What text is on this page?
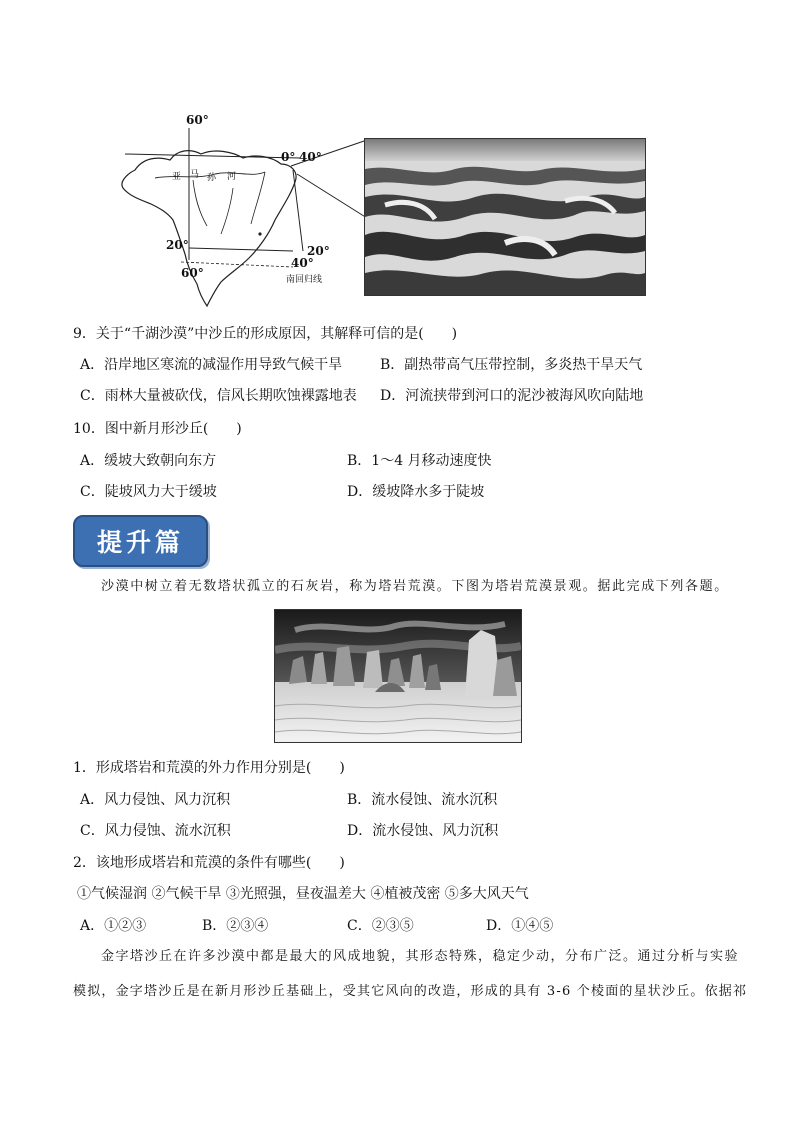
60°
0° 40°
亚 马 孙 河
20°	20°
60°
40°
南回归线
9．关于“千湖沙漠”中沙丘的形成原因，其解释可信的是(　　)
A．沿岸地区寒流的减湿作用导致气候干旱	B．副热带高气压带控制，多炎热干旱天气
C．雨林大量被砍伐，信风长期吹蚀裸露地表 D．河流挟带到河口的泥沙被海风吹向陆地
10．图中新月形沙丘(　　)
A．缓坡大致朝向东方	B．1～4 月移动速度快
C．陡坡风力大于缓坡	D．缓坡降水多于陡坡
提升篇
沙漠中树立着无数塔状孤立的石灰岩，称为塔岩荒漠。下图为塔岩荒漠景观。据此完成下列各题。
1．形成塔岩和荒漠的外力作用分别是(　　)
A．风力侵蚀、风力沉积	B．流水侵蚀、流水沉积
C．风力侵蚀、流水沉积	D．流水侵蚀、风力沉积
2．该地形成塔岩和荒漠的条件有哪些(　　)
①气候湿润 ②气候干旱 ③光照强，昼夜温差大 ④植被茂密 ⑤多大风天气
A．①②③	B．②③④	C．②③⑤	D．①④⑤
金字塔沙丘在许多沙漠中都是最大的风成地貌，其形态特殊，稳定少动，分布广泛。通过分析与实验
模拟，金字塔沙丘是在新月形沙丘基础上，受其它风向的改造，形成的具有 3-6 个棱面的星状沙丘。依据祁
